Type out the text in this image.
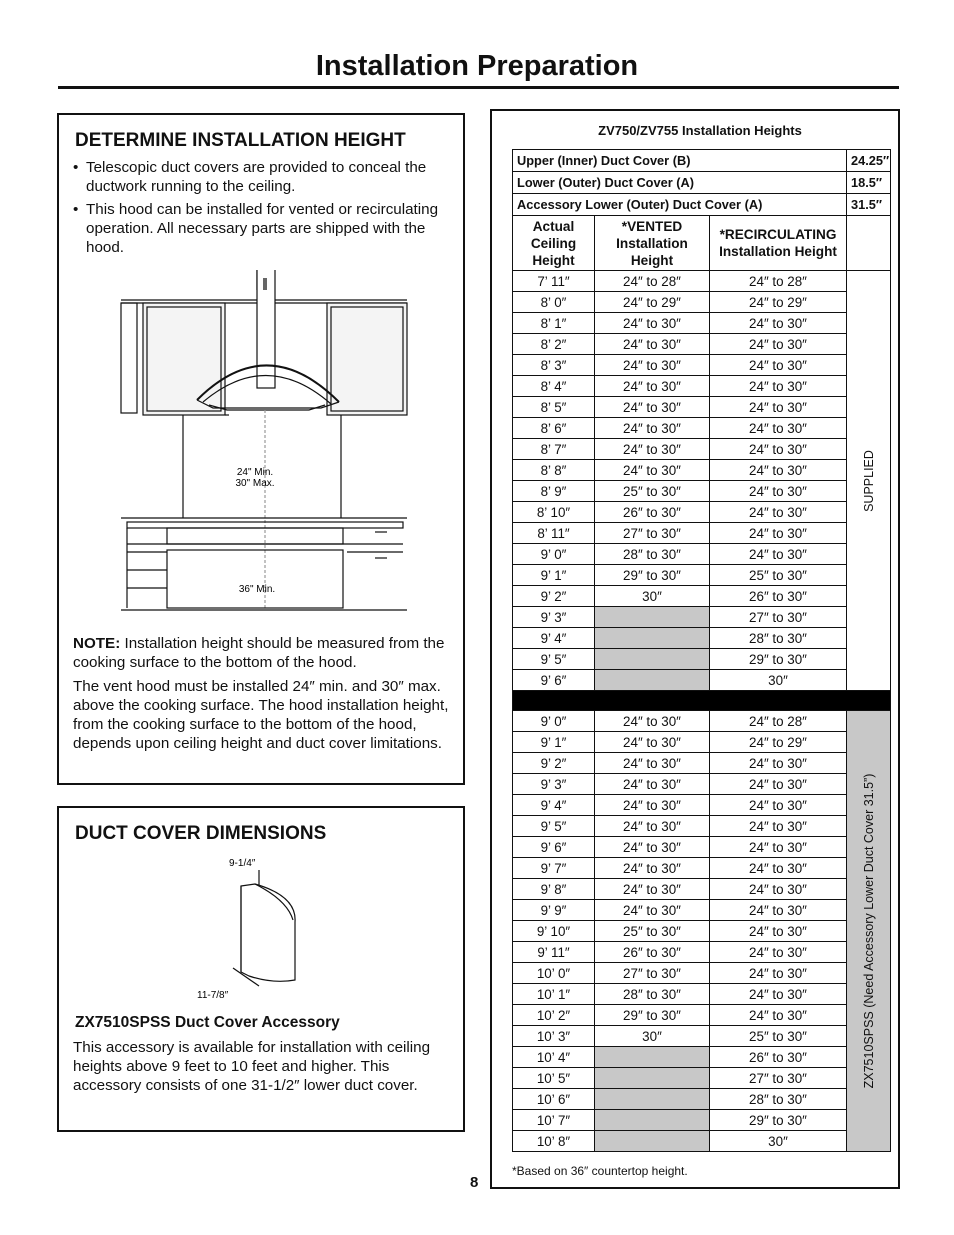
Installation Preparation
DETERMINE INSTALLATION HEIGHT
• Telescopic duct covers are provided to conceal the ductwork running to the ceiling.
• This hood can be installed for vented or recirculating operation. All necessary parts are shipped with the hood.
24" Min.
30" Max.
36" Min.

NOTE: Installation height should be measured from the cooking surface to the bottom of the hood.

The vent hood must be installed 24″ min. and 30″ max. above the cooking surface. The hood installation height, from the cooking surface to the bottom of the hood, depends upon ceiling height and duct cover limitations.

DUCT COVER DIMENSIONS
9-1/4″
11-7/8″
ZX7510SPSS Duct Cover Accessory

This accessory is available for installation with ceiling heights above 9 feet to 10 feet and higher. This accessory consists of one 31-1/2″ lower duct cover.

ZV750/ZV755 Installation Heights

Upper (Inner) Duct Cover (B)			24.25″
Lower (Outer) Duct Cover (A)			18.5″
Accessory Lower (Outer) Duct Cover (A)			31.5″
Actual Ceiling Height	*VENTED Installation Height	*RECIRCULATING Installation Height	
7’ 11″	24″ to 28″	24″ to 28″	SUPPLIED

8’ 0″	24″ to 29″	24″ to 29″	
8’ 1″	24″ to 30″	24″ to 30″	
8’ 2″	24″ to 30″	24″ to 30″	
8’ 3″	24″ to 30″	24″ to 30″	
8’ 4″	24″ to 30″	24″ to 30″	
8’ 5″	24″ to 30″	24″ to 30″	
8’ 6″	24″ to 30″	24″ to 30″	
8’ 7″	24″ to 30″	24″ to 30″	
8’ 8″	24″ to 30″	24″ to 30″	
8’ 9″	25″ to 30″	24″ to 30″	
8’ 10″	26″ to 30″	24″ to 30″	
8’ 11″	27″ to 30″	24″ to 30″	
9’ 0″	28″ to 30″	24″ to 30″	
9’ 1″	29″ to 30″	25″ to 30″	
9’ 2″	30″	26″ to 30″	
9’ 3″		27″ to 30″	
9’ 4″		28″ to 30″	
9’ 5″		29″ to 30″	
9’ 6″		30″	

9’ 0″	24″ to 30″	24″ to 28″	ZX7510SPSS (Need Accessory Lower Duct Cover 31.5”)

9’ 1″	24″ to 30″	24″ to 29″	
9’ 2″	24″ to 30″	24″ to 30″	
9’ 3″	24″ to 30″	24″ to 30″	
9’ 4″	24″ to 30″	24″ to 30″	
9’ 5″	24″ to 30″	24″ to 30″	
9’ 6″	24″ to 30″	24″ to 30″	
9’ 7″	24″ to 30″	24″ to 30″	
9’ 8″	24″ to 30″	24″ to 30″	
9’ 9″	24″ to 30″	24″ to 30″	
9’ 10″	25″ to 30″	24″ to 30″	
9’ 11″	26″ to 30″	24″ to 30″	
10’ 0″	27″ to 30″	24″ to 30″	
10’ 1″	28″ to 30″	24″ to 30″	
10’ 2″	29″ to 30″	24″ to 30″	
10’ 3″	30″	25″ to 30″	
10’ 4″		26″ to 30″	
10’ 5″		27″ to 30″	
10’ 6″		28″ to 30″	
10’ 7″		29″ to 30″	
10’ 8″		30″	

*Based on 36″ countertop height.

8
